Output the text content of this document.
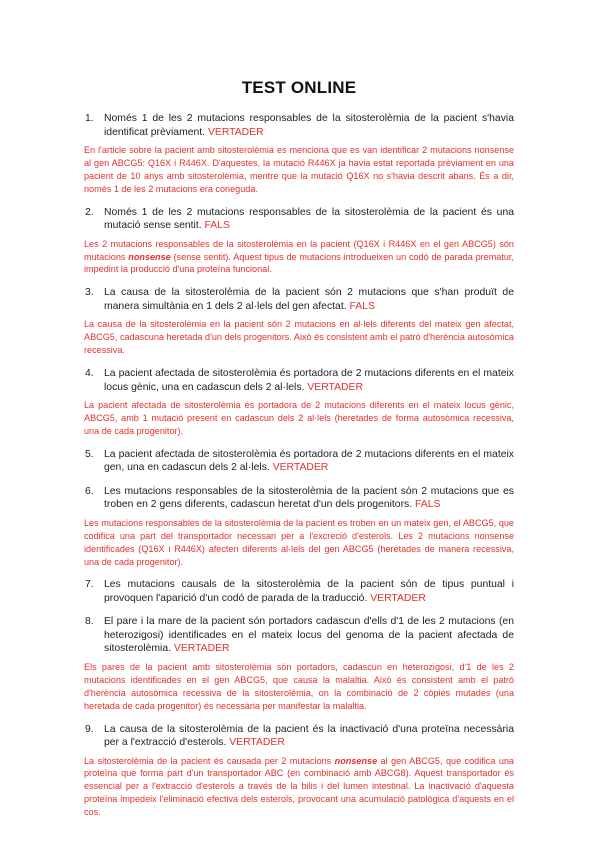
TEST ONLINE
1. Només 1 de les 2 mutacions responsables de la sitosterolèmia de la pacient s'havia identificat prèviament. VERTADER
En l'article sobre la pacient amb sitosterolèmia es menciona que es van identificar 2 mutacions nonsense al gen ABCG5: Q16X i R446X. D'aquestes, la mutació R446X ja havia estat reportada prèviament en una pacient de 10 anys amb sitosterolèmia, mentre que la mutació Q16X no s'havia descrit abans. És a dir, només 1 de les 2 mutacions era coneguda.
2. Només 1 de les 2 mutacions responsables de la sitosterolèmia de la pacient és una mutació sense sentit. FALS
Les 2 mutacions responsables de la sitosterolèmia en la pacient (Q16X i R446X en el gen ABCG5) són mutacions nonsense (sense sentit). Aquest tipus de mutacions introdueixen un codó de parada prematur, impedint la producció d'una proteïna funcional.
3. La causa de la sitosterolèmia de la pacient són 2 mutacions que s'han produït de manera simultània en 1 dels 2 al·lels del gen afectat. FALS
La causa de la sitosterolèmia en la pacient són 2 mutacions en al·lels diferents del mateix gen afectat, ABCG5, cadascuna heretada d'un dels progenitors. Això és consistent amb el patró d'herència autosòmica recessiva.
4. La pacient afectada de sitosterolèmia és portadora de 2 mutacions diferents en el mateix locus gènic, una en cadascun dels 2 al·lels. VERTADER
La pacient afectada de sitosterolèmia és portadora de 2 mutacions diferents en el mateix locus gènic, ABCG5, amb 1 mutació present en cadascun dels 2 al·lels (heretades de forma autosòmica recessiva, una de cada progenitor).
5. La pacient afectada de sitosterolèmia és portadora de 2 mutacions diferents en el mateix gen, una en cadascun dels 2 al·lels. VERTADER
6. Les mutacions responsables de la sitosterolèmia de la pacient són 2 mutacions que es troben en 2 gens diferents, cadascun heretat d'un dels progenitors. FALS
Les mutacions responsables de la sitosterolèmia de la pacient es troben en un mateix gen, el ABCG5, que codifica una part del transportador necessari per a l'excreció d'esterols. Les 2 mutacions nonsense identificades (Q16X i R446X) afecten diferents al·lels del gen ABCG5 (heretades de manera recessiva, una de cada progenitor).
7. Les mutacions causals de la sitosterolèmia de la pacient són de tipus puntual i provoquen l'aparició d'un codó de parada de la traducció. VERTADER
8. El pare i la mare de la pacient són portadors cadascun d'ells d'1 de les 2 mutacions (en heterozigosi) identificades en el mateix locus del genoma de la pacient afectada de sitosterolèmia. VERTADER
Els pares de la pacient amb sitosterolèmia són portadors, cadascun en heterozigosi, d'1 de les 2 mutacions identificades en el gen ABCG5, que causa la malaltia. Això és consistent amb el patró d'herència autosòmica recessiva de la sitosterolèmia, on la combinació de 2 còpies mutades (una heretada de cada progenitor) és necessària per manifestar la malaltia.
9. La causa de la sitosterolèmia de la pacient és la inactivació d'una proteïna necessària per a l'extracció d'esterols. VERTADER
La sitosterolèmia de la pacient és causada per 2 mutacions nonsense al gen ABCG5, que codifica una proteïna que forma part d'un transportador ABC (en combinació amb ABCG8). Aquest transportador és essencial per a l'extracció d'esterols a través de la bilis i del lumen intestinal. La inactivació d'aquesta proteïna impedeix l'eliminació efectiva dels esterols, provocant una acumulació patològica d'aquests en el cos.
